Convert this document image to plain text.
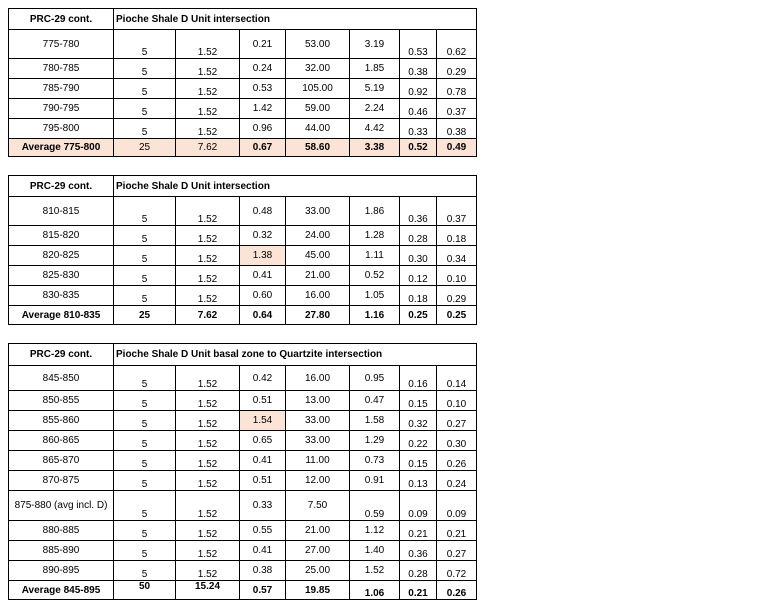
PRC-29 cont.	Pioche Shale D Unit intersection						
775-780	5	1.52	0.21	53.00	3.19	0.53	0.62
780-785	5	1.52	0.24	32.00	1.85	0.38	0.29
785-790	5	1.52	0.53	105.00	5.19	0.92	0.78
790-795	5	1.52	1.42	59.00	2.24	0.46	0.37
795-800	5	1.52	0.96	44.00	4.42	0.33	0.38
Average 775-800	25	7.62	0.67	58.60	3.38	0.52	0.49
PRC-29 cont.	Pioche Shale D Unit intersection						
810-815	5	1.52	0.48	33.00	1.86	0.36	0.37
815-820	5	1.52	0.32	24.00	1.28	0.28	0.18
820-825	5	1.52	1.38	45.00	1.11	0.30	0.34
825-830	5	1.52	0.41	21.00	0.52	0.12	0.10
830-835	5	1.52	0.60	16.00	1.05	0.18	0.29
Average 810-835	25	7.62	0.64	27.80	1.16	0.25	0.25
PRC-29 cont.	Pioche Shale D Unit basal zone to Quartzite intersection						
845-850	5	1.52	0.42	16.00	0.95	0.16	0.14
850-855	5	1.52	0.51	13.00	0.47	0.15	0.10
855-860	5	1.52	1.54	33.00	1.58	0.32	0.27
860-865	5	1.52	0.65	33.00	1.29	0.22	0.30
865-870	5	1.52	0.41	11.00	0.73	0.15	0.26
870-875	5	1.52	0.51	12.00	0.91	0.13	0.24
875-880 (avg incl. D)	5	1.52	0.33	7.50	0.59	0.09	0.09
880-885	5	1.52	0.55	21.00	1.12	0.21	0.21
885-890	5	1.52	0.41	27.00	1.40	0.36	0.27
890-895	5	1.52	0.38	25.00	1.52	0.28	0.72
Average 845-895	50	15.24	0.57	19.85	1.06	0.21	0.26
